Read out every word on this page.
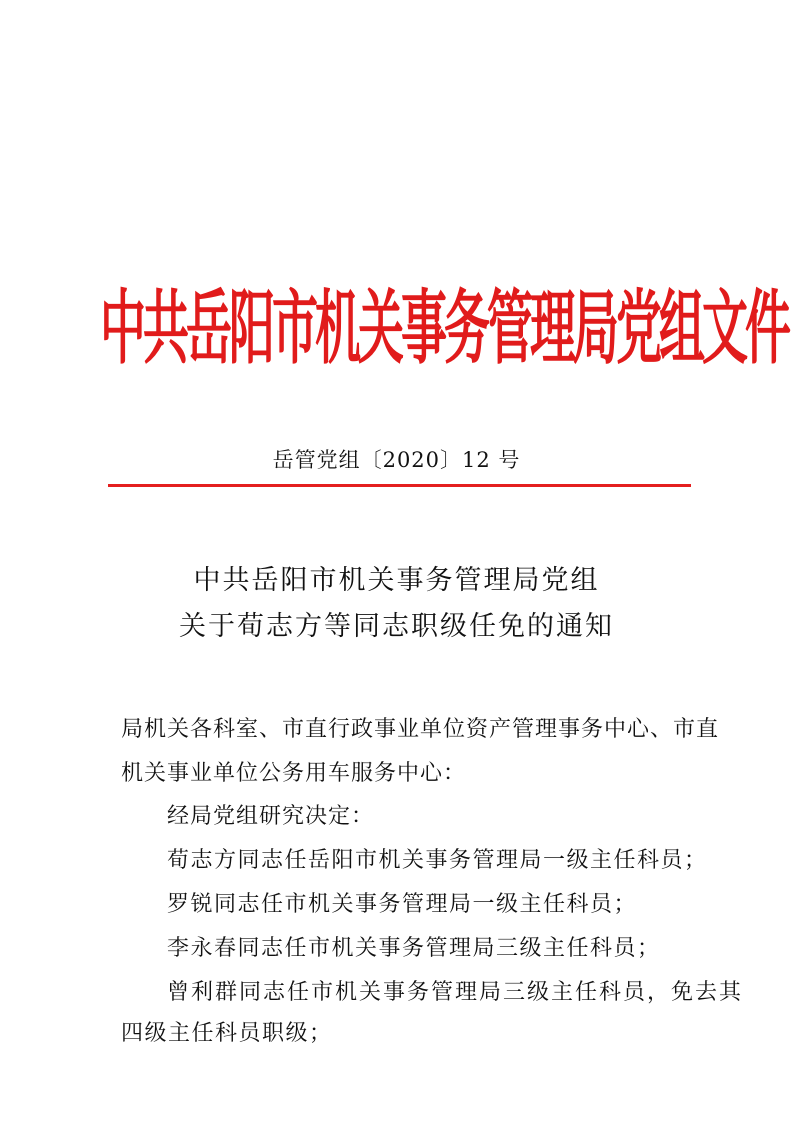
中共岳阳市机关事务管理局党组文件
岳管党组〔2020〕12 号
中共岳阳市机关事务管理局党组
关于荀志方等同志职级任免的通知
局机关各科室、市直行政事业单位资产管理事务中心、市直
机关事业单位公务用车服务中心：
经局党组研究决定：
荀志方同志任岳阳市机关事务管理局一级主任科员；
罗锐同志任市机关事务管理局一级主任科员；
李永春同志任市机关事务管理局三级主任科员；
曾利群同志任市机关事务管理局三级主任科员，免去其
四级主任科员职级；
